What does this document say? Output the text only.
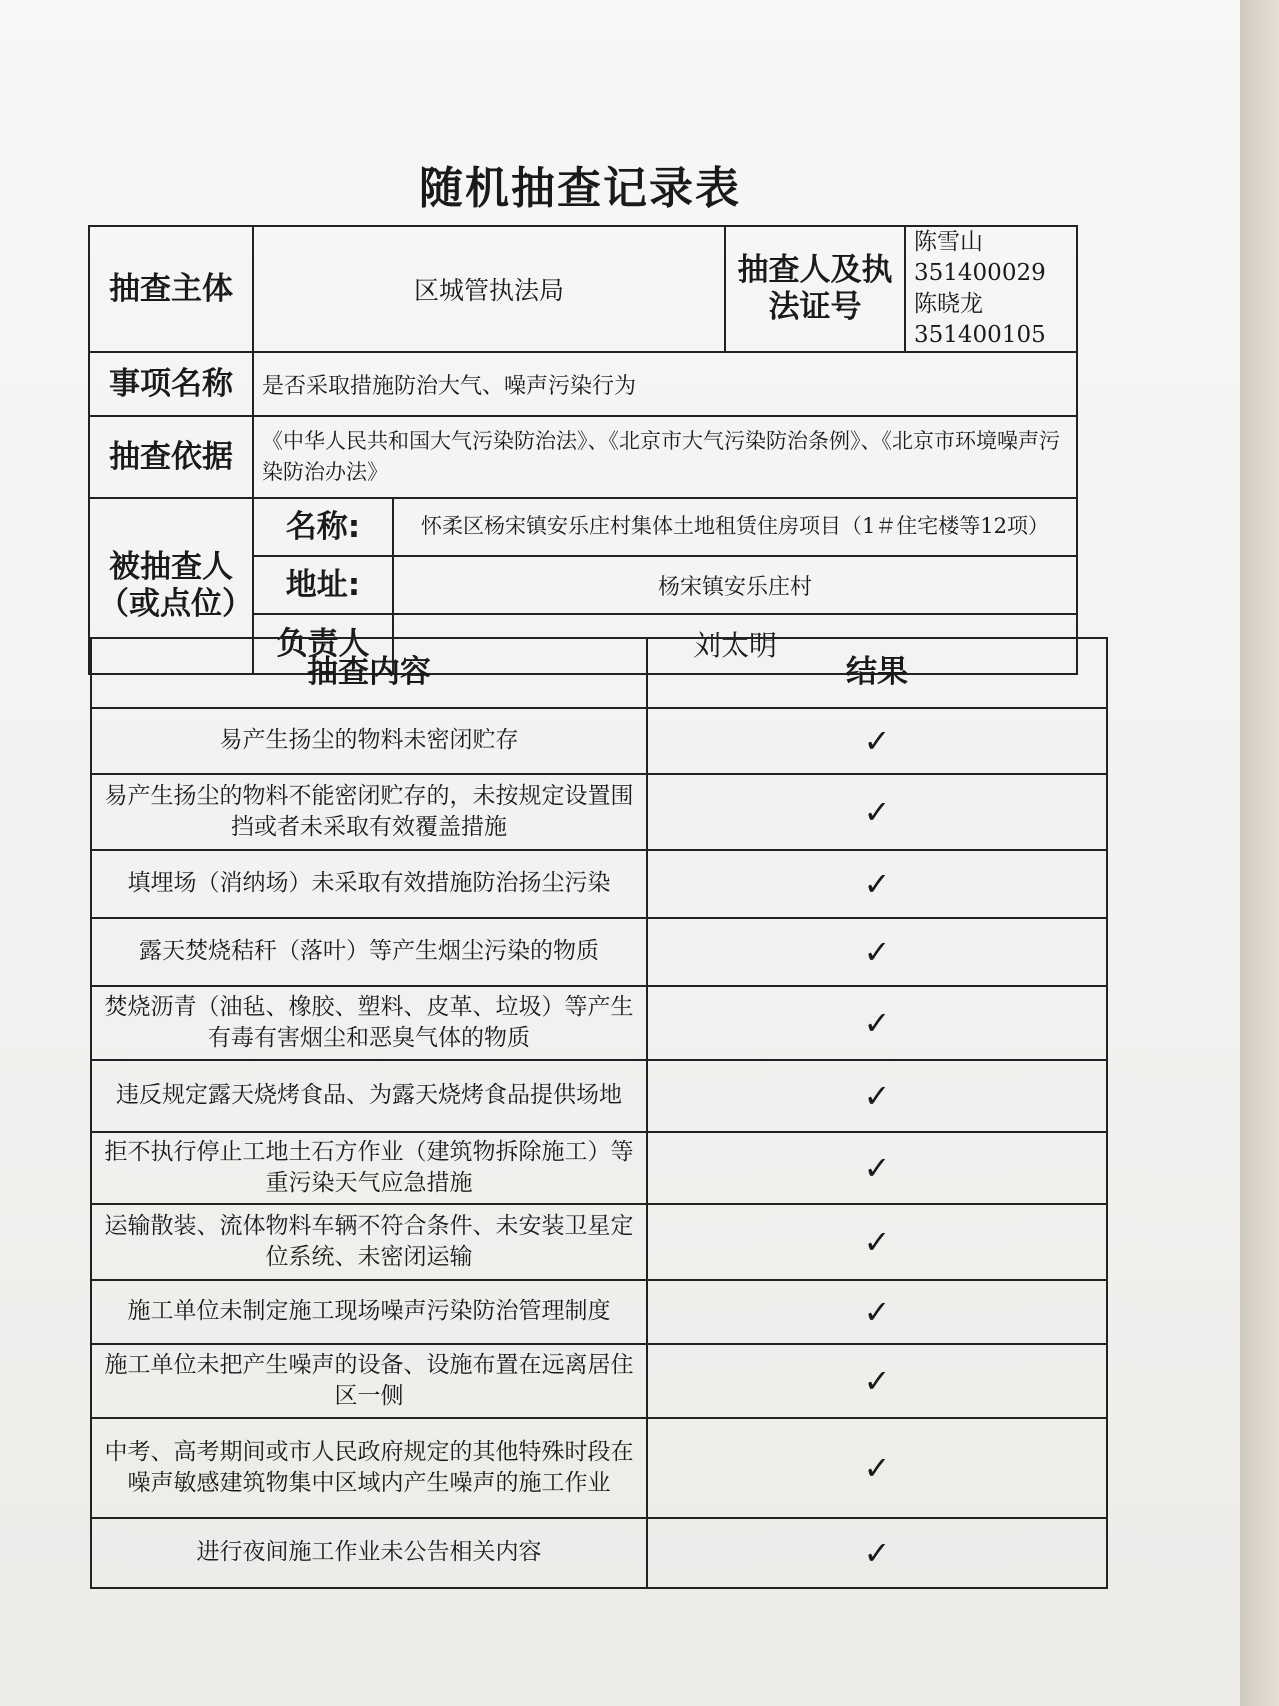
随机抽查记录表
抽查主体	区城管执法局		抽查人及执法证号	陈雪山351400029
陈晓龙351400105

事项名称	是否采取措施防治大气、噪声污染行为			
抽查依据	《中华人民共和国大气污染防治法》、《北京市大气污染防治条例》、《北京市环境噪声污染防治办法》			
被抽查人（或点位）	名称:	怀柔区杨宋镇安乐庄村集体土地租赁住房项目（1＃住宅楼等12项）		
	地址:	杨宋镇安乐庄村		
	负责人	刘太明		
抽查内容	结果
易产生扬尘的物料未密闭贮存	✓
易产生扬尘的物料不能密闭贮存的，未按规定设置围挡或者未采取有效覆盖措施	✓
填埋场（消纳场）未采取有效措施防治扬尘污染	✓
露天焚烧秸秆（落叶）等产生烟尘污染的物质	✓
焚烧沥青（油毡、橡胶、塑料、皮革、垃圾）等产生有毒有害烟尘和恶臭气体的物质	✓
违反规定露天烧烤食品、为露天烧烤食品提供场地	✓
拒不执行停止工地土石方作业（建筑物拆除施工）等重污染天气应急措施	✓
运输散装、流体物料车辆不符合条件、未安装卫星定位系统、未密闭运输	✓
施工单位未制定施工现场噪声污染防治管理制度	✓
施工单位未把产生噪声的设备、设施布置在远离居住区一侧	✓
中考、高考期间或市人民政府规定的其他特殊时段在噪声敏感建筑物集中区域内产生噪声的施工作业	✓
进行夜间施工作业未公告相关内容	✓
